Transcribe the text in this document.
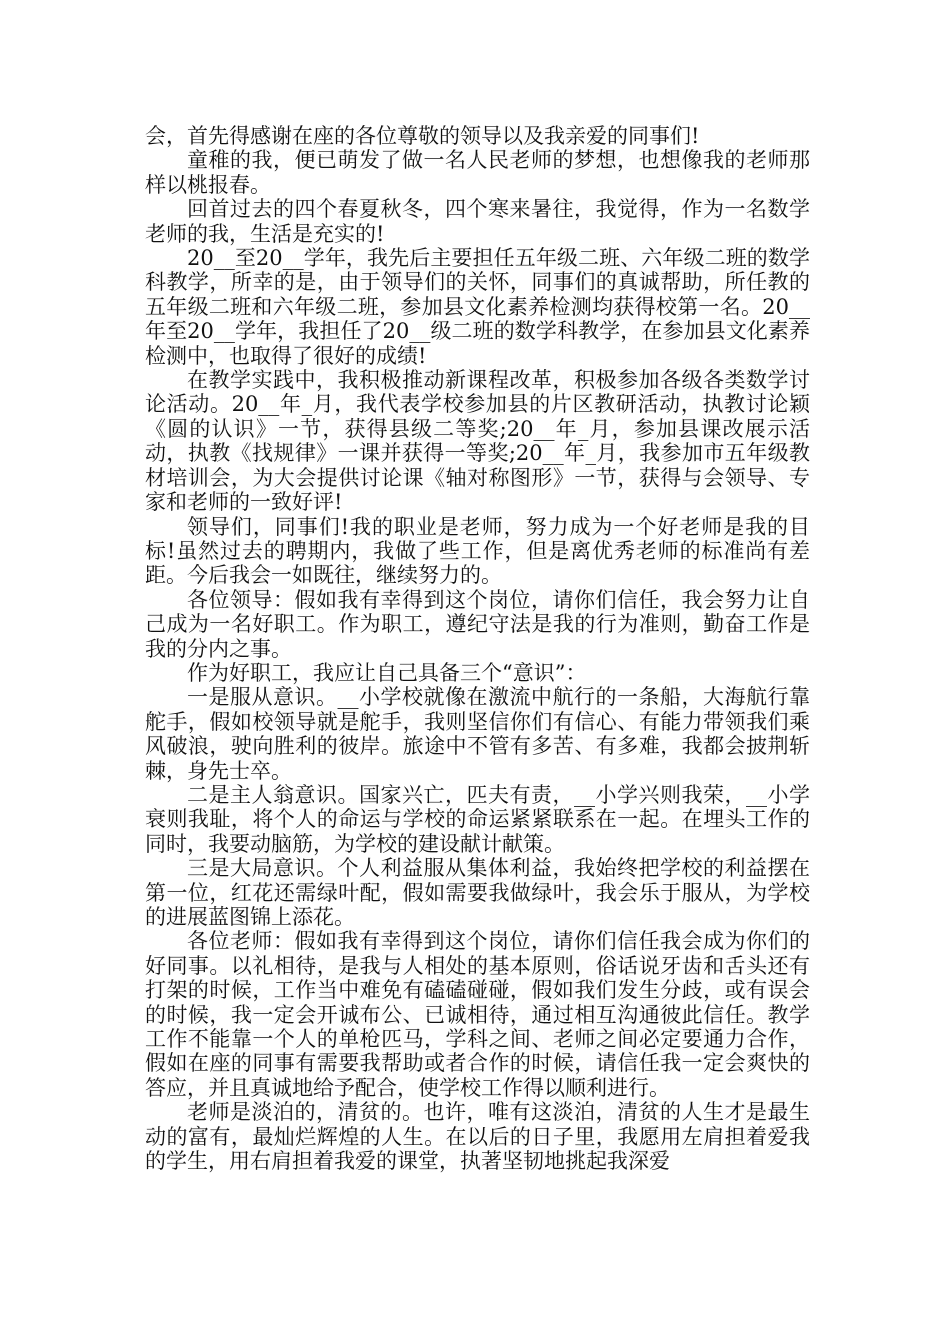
会，首先得感谢在座的各位尊敬的领导以及我亲爱的同事们!

童稚的我，便已萌发了做一名人民老师的梦想，也想像我的老师那样以桃报春。

回首过去的四个春夏秋冬，四个寒来暑往，我觉得，作为一名数学老师的我，生活是充实的!

20__至20__学年，我先后主要担任五年级二班、六年级二班的数学科教学，所幸的是，由于领导们的关怀，同事们的真诚帮助，所任教的五年级二班和六年级二班，参加县文化素养检测均获得校第一名。20__年至20__学年，我担任了20__级二班的数学科教学，在参加县文化素养检测中，也取得了很好的成绩!

在教学实践中，我积极推动新课程改革，积极参加各级各类数学讨论活动。20__年_月，我代表学校参加县的片区教研活动，执教讨论颖《圆的认识》一节，获得县级二等奖;20__年_月，参加县课改展示活动，执教《找规律》一课并获得一等奖;20__年_月，我参加市五年级教材培训会，为大会提供讨论课《轴对称图形》一节，获得与会领导、专家和老师的一致好评!

领导们，同事们!我的职业是老师，努力成为一个好老师是我的目标!虽然过去的聘期内，我做了些工作，但是离优秀老师的标准尚有差距。今后我会一如既往，继续努力的。

各位领导：假如我有幸得到这个岗位，请你们信任，我会努力让自己成为一名好职工。作为职工，遵纪守法是我的行为准则，勤奋工作是我的分内之事。

作为好职工，我应让自己具备三个“意识”：

一是服从意识。__小学校就像在激流中航行的一条船，大海航行靠舵手，假如校领导就是舵手，我则坚信你们有信心、有能力带领我们乘风破浪，驶向胜利的彼岸。旅途中不管有多苦、有多难，我都会披荆斩棘，身先士卒。

二是主人翁意识。国家兴亡，匹夫有责，__小学兴则我荣，__小学衰则我耻，将个人的命运与学校的命运紧紧联系在一起。在埋头工作的同时，我要动脑筋，为学校的建设献计献策。

三是大局意识。个人利益服从集体利益，我始终把学校的利益摆在第一位，红花还需绿叶配，假如需要我做绿叶，我会乐于服从，为学校的进展蓝图锦上添花。

各位老师：假如我有幸得到这个岗位，请你们信任我会成为你们的好同事。以礼相待，是我与人相处的基本原则，俗话说牙齿和舌头还有打架的时候，工作当中难免有磕磕碰碰，假如我们发生分歧，或有误会的时候，我一定会开诚布公、已诚相待，通过相互沟通彼此信任。教学工作不能靠一个人的单枪匹马，学科之间、老师之间必定要通力合作，假如在座的同事有需要我帮助或者合作的时候，请信任我一定会爽快的答应，并且真诚地给予配合，使学校工作得以顺利进行。

老师是淡泊的，清贫的。也许，唯有这淡泊，清贫的人生才是最生动的富有，最灿烂辉煌的人生。在以后的日子里，我愿用左肩担着爱我的学生，用右肩担着我爱的课堂，执著坚韧地挑起我深爱
